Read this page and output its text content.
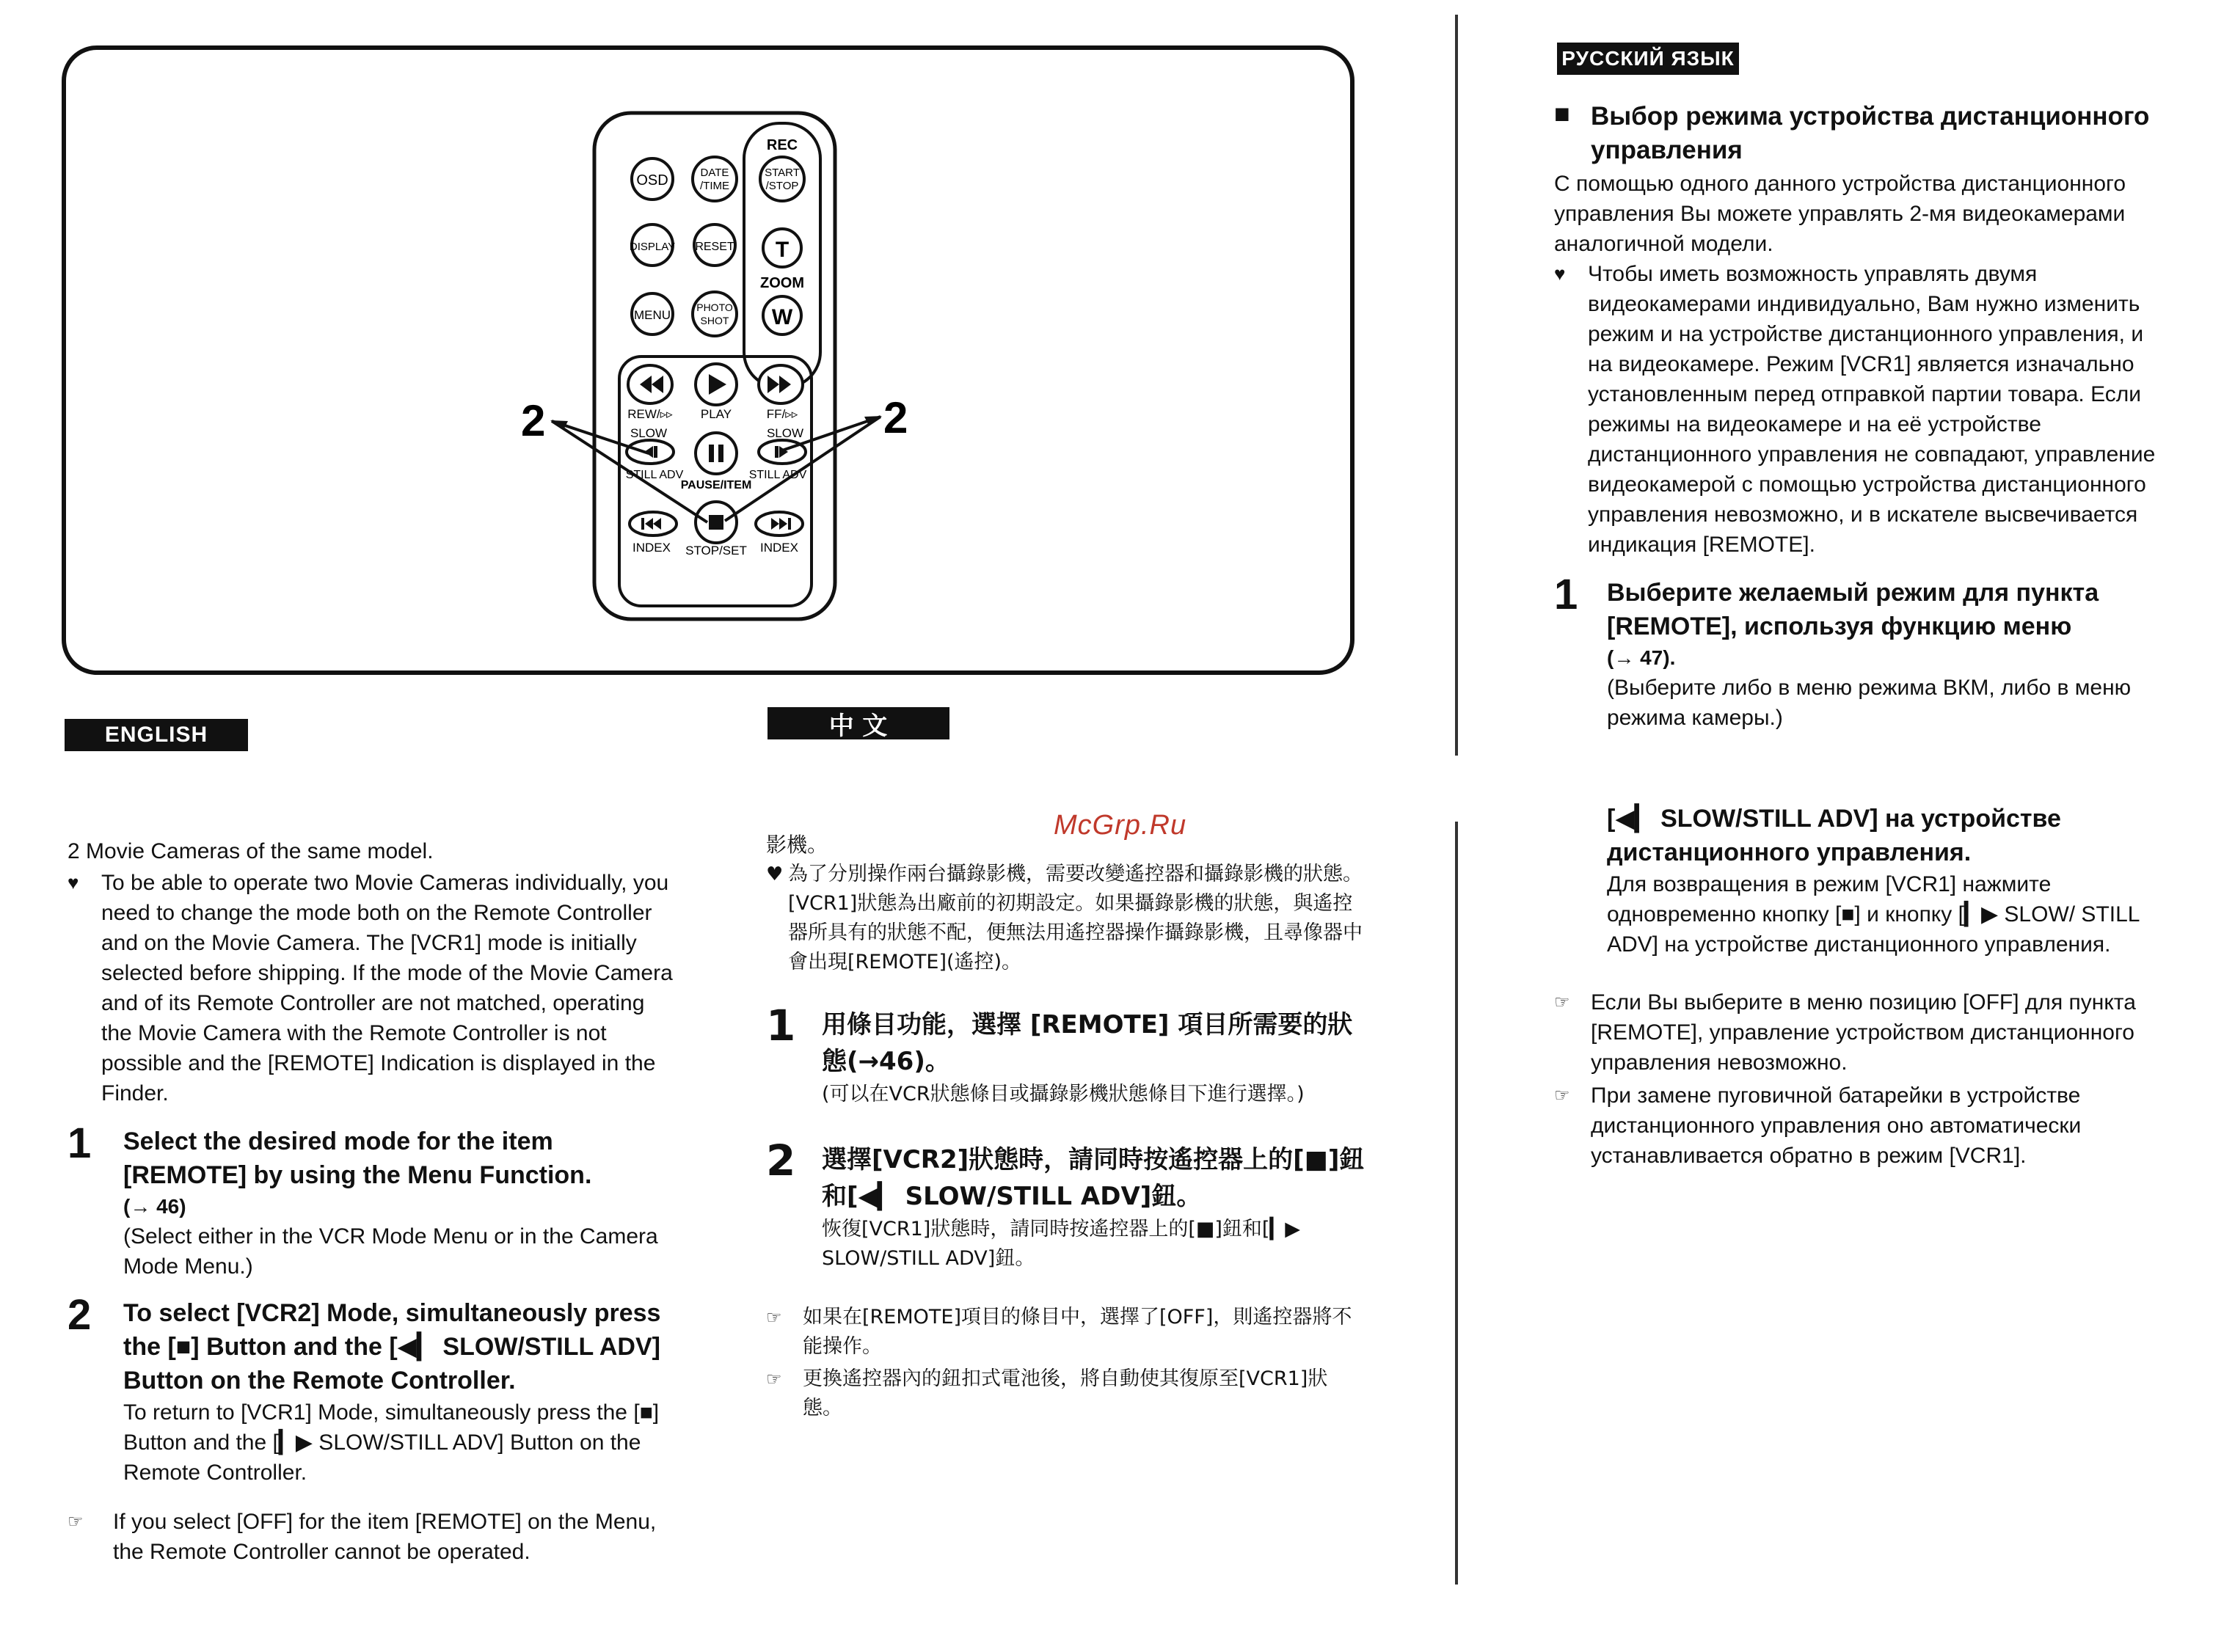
OSD	DATE
/TIME
REC
START
/STOP
DISPLAY RESET T
ZOOM
MENU
PHOTO
SHOT W
REW/▹▹ PLAY	FF/▹▹
SLOW	SLOW
STILL ADV	STILL ADV
PAUSE/ITEM
INDEX STOP/SET INDEX
2	2
ENGLISH

2 Movie Cameras of the same model.

♥ To be able to operate two Movie Cameras individually, you need to change the mode both on the Remote Controller and on the Movie Camera. The [VCR1] mode is initially selected before shipping. If the mode of the Movie Camera and of its Remote Controller are not matched, operating the Movie Camera with the Remote Controller is not possible and the [REMOTE] Indication is displayed in the Finder.
1 Select the desired mode for the item [REMOTE] by using the Menu Function.

(→ 46)

(Select either in the VCR Mode Menu or in the Camera Mode Menu.)

2 To select [VCR2] Mode, simultaneously press the [■] Button and the [◀▎ SLOW/STILL ADV] Button on the Remote Controller.

To return to [VCR1] Mode, simultaneously press the [■] Button and the [▎▶ SLOW/STILL ADV] Button on the Remote Controller.

☞ If you select [OFF] for the item [REMOTE] on the Menu, the Remote Controller cannot be operated.
中 文

影機。

♥ 為了分別操作兩台攝錄影機，需要改變遙控器和攝錄影機的狀態。[VCR1]狀態為出廠前的初期設定。如果攝錄影機的狀態，與遙控器所具有的狀態不配，便無法用遙控器操作攝錄影機，且尋像器中會出現[REMOTE](遙控)。
1 用條目功能，選擇 [REMOTE] 項目所需要的狀態(→46)。

(可以在VCR狀態條目或攝錄影機狀態條目下進行選擇。)

2 選擇[VCR2]狀態時，請同時按遙控器上的[■]鈕和[◀▎ SLOW/STILL ADV]鈕。

恢復[VCR1]狀態時，請同時按遙控器上的[■]鈕和[▎▶ SLOW/STILL ADV]鈕。

☞ 如果在[REMOTE]項目的條目中，選擇了[OFF]，則遙控器將不能操作。
☞ 更換遙控器內的鈕扣式電池後，將自動使其復原至[VCR1]狀態。
McGrp.Ru
РУССКИЙ ЯЗЫК
■ Выбор режима устройства дистанционного управления

С помощью одного данного устройства дистанционного управления Вы можете управлять 2-мя видеокамерами аналогичной модели.

♥ Чтобы иметь возможность управлять двумя видеокамерами индивидуально, Вам нужно изменить режим и на устройстве дистанционного управления, и на видеокамере. Режим [VCR1] является изначально установленным перед отправкой партии товара. Если режимы на видеокамере и на её устройстве дистанционного управления не совпадают, управление видеокамерой с помощью устройства дистанционного управления невозможно, и в искателе высвечивается индикация [REMOTE].
1 Выберите желаемый режим для пункта [REMOTE], используя функцию меню

(→ 47).

(Выберите либо в меню режима ВКМ, либо в меню режима камеры.)

[◀▎ SLOW/STILL ADV] на устройстве дистанционного управления.

Для возвращения в режим [VCR1] нажмите одновременно кнопку [■] и кнопку [▎▶ SLOW/ STILL ADV] на устройстве дистанционного управления.

☞ Если Вы выберите в меню позицию [OFF] для пункта [REMOTE], управление устройством дистанционного управления невозможно.
☞ При замене пуговичной батарейки в устройстве дистанционного управления оно автоматически устанавливается обратно в режим [VCR1].
